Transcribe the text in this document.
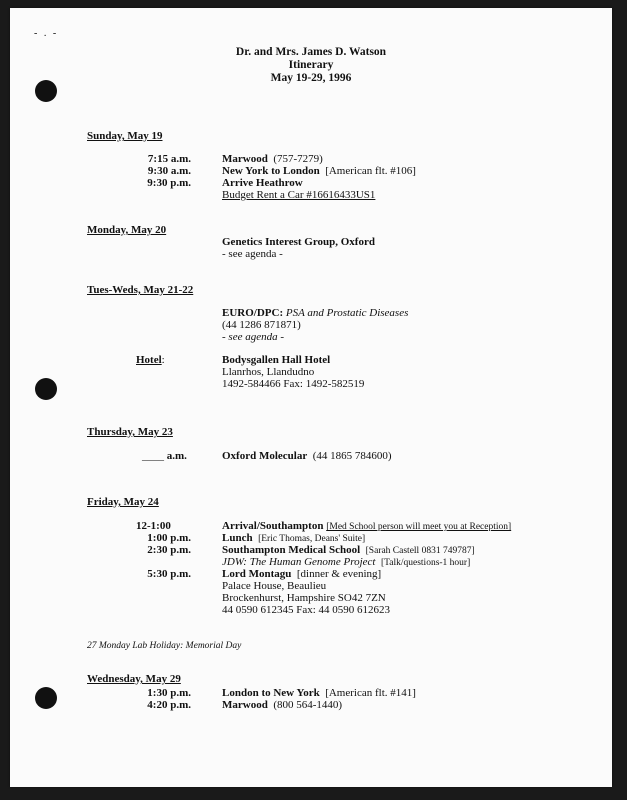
- . -
Dr. and Mrs. James D. Watson
Itinerary
May 19-29, 1996
Sunday, May 19
7:15 a.m.	Marwood (757-7279)
9:30 a.m.	New York to London [American flt. #106]
9:30 p.m.	Arrive Heathrow
Budget Rent a Car #16616433US1
Monday, May 20
Genetics Interest Group, Oxford
- see agenda -
Tues-Weds, May 21-22
EURO/DPC: PSA and Prostatic Diseases
(44 1286 871871)
- see agenda -
Hotel:	Bodysgallen Hall Hotel
Llanrhos, Llandudno
1492-584466 Fax: 1492-582519
Thursday, May 23
____ a.m.	Oxford Molecular (44 1865 784600)
Friday, May 24
12-1:00	Arrival/Southampton [Med School person will meet you at Reception]
1:00 p.m.	Lunch [Eric Thomas, Deans' Suite]
2:30 p.m.	Southampton Medical School [Sarah Castell 0831 749787]
JDW: The Human Genome Project [Talk/questions-1 hour]
5:30 p.m.	Lord Montagu [dinner & evening]
Palace House, Beaulieu
Brockenhurst, Hampshire SO42 7ZN
44 0590 612345 Fax: 44 0590 612623
27 Monday Lab Holiday: Memorial Day
Wednesday, May 29
1:30 p.m.	London to New York [American flt. #141]
4:20 p.m.	Marwood (800 564-1440)
